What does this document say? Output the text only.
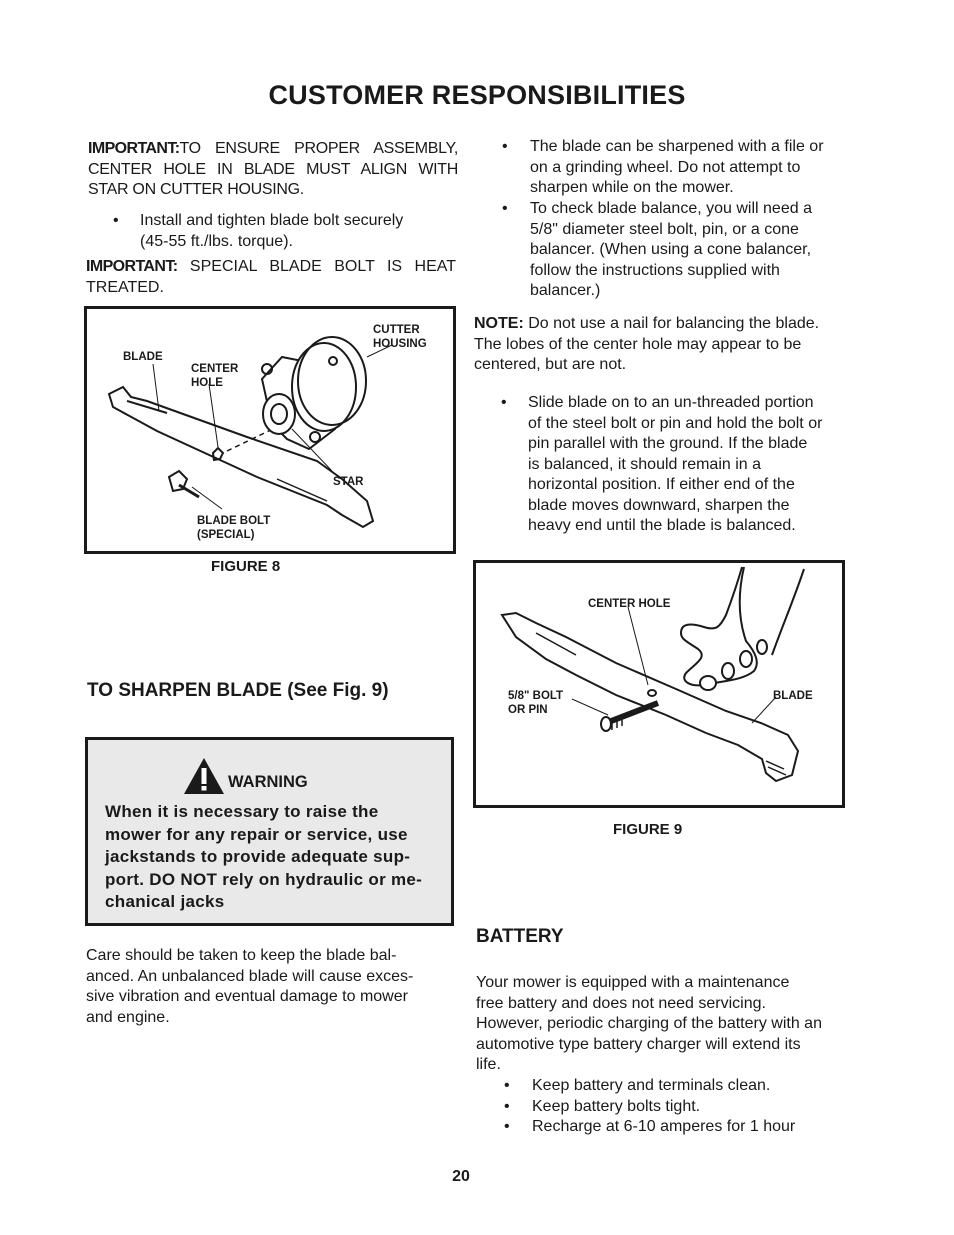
CUSTOMER RESPONSIBILITIES

IMPORTANT:TO ENSURE PROPER ASSEMBLY, CENTER HOLE IN BLADE MUST ALIGN WITH STAR ON CUTTER HOUSING.

•	Install and tighten blade bolt securely
(45-55 ft./lbs. torque).

IMPORTANT: SPECIAL BLADE BOLT IS HEAT TREATED.

BLADE
CENTER
HOLE
CUTTER
HOUSING
STAR
BLADE BOLT
(SPECIAL)
FIGURE 8
TO SHARPEN BLADE (See Fig. 9)
WARNING
When it is necessary to raise the
mower for any repair or service, use
jackstands to provide adequate sup-
port. DO NOT rely on hydraulic or me-
chanical jacks
Care should be taken to keep the blade bal-
anced. An unbalanced blade will cause exces-
sive vibration and eventual damage to mower
and engine.
•	The blade can be sharpened with a file or
on a grinding wheel. Do not attempt to
sharpen while on the mower.
•	To check blade balance, you will need a
5/8" diameter steel bolt, pin, or a cone
balancer. (When using a cone balancer,
follow the instructions supplied with
balancer.)
NOTE: Do not use a nail for balancing the blade.
The lobes of the center hole may appear to be
centered, but are not.
•	Slide blade on to an un-threaded portion
of the steel bolt or pin and hold the bolt or
pin parallel with the ground. If the blade
is balanced, it should remain in a
horizontal position. If either end of the
blade moves downward, sharpen the
heavy end until the blade is balanced.
CENTER HOLE
5/8" BOLT
OR PIN
BLADE
FIGURE 9
BATTERY
Your mower is equipped with a maintenance
free battery and does not need servicing.
However, periodic charging of the battery with an
automotive type battery charger will extend its
life.
•	Keep battery and terminals clean.
•	Keep battery bolts tight.
•	Recharge at 6-10 amperes for 1 hour
20
